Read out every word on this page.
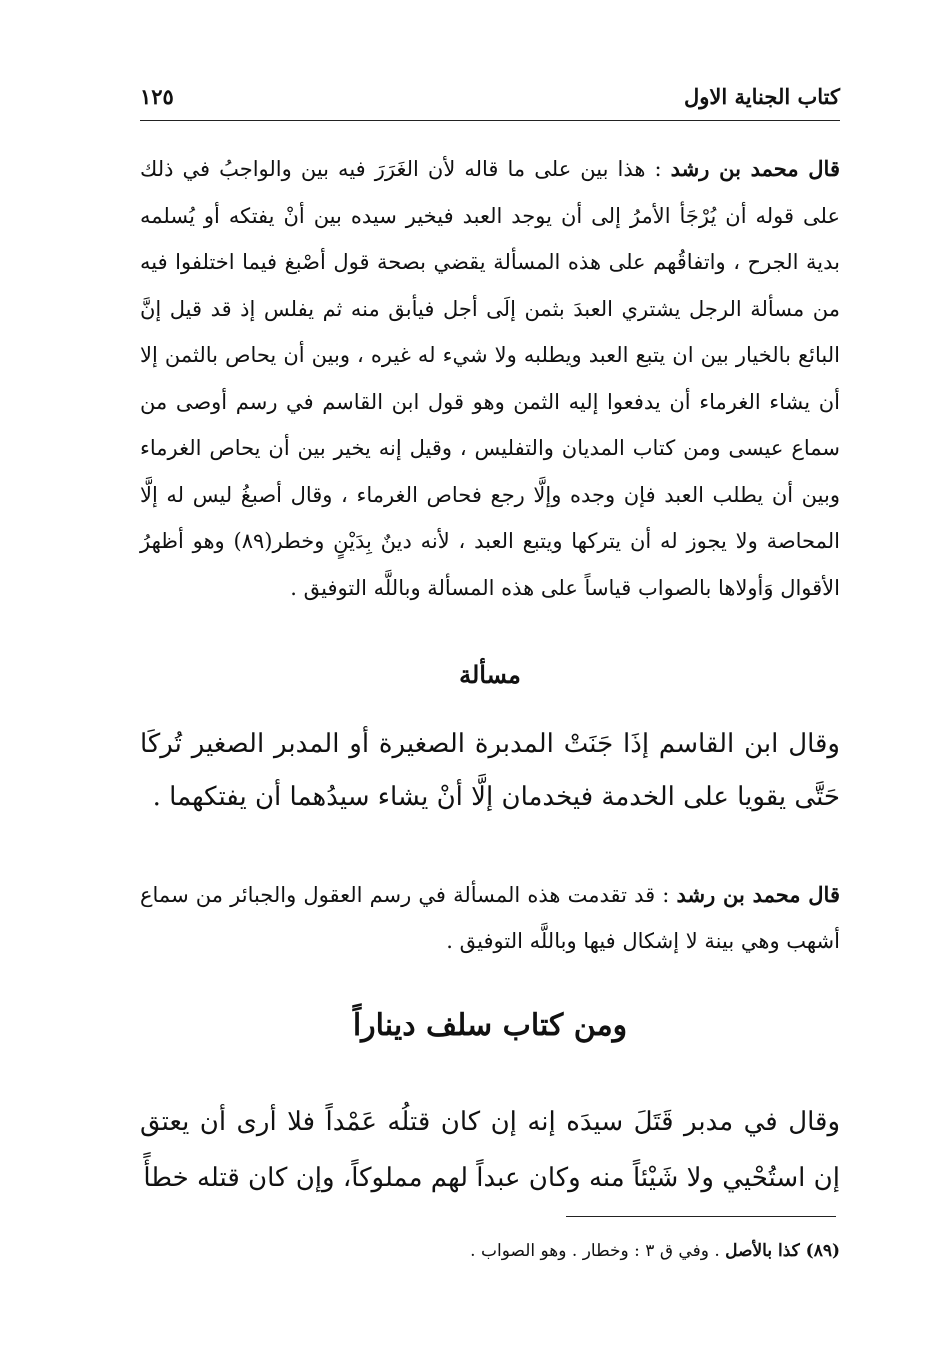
١٢٥	كتاب الجناية الاول
قال محمد بن رشد : هذا بين على ما قاله لأن الغَرَرَ فيه بين والواجبُ في ذلك على قوله أن يُرْجَأ الأمرُ إلى أن يوجد العبد فيخير سيده بين أنْ يفتكه أو يُسلمه بدية الجرح ، واتفاقُهم على هذه المسألة يقضي بصحة قول أصْبغ فيما اختلفوا فيه من مسألة الرجل يشتري العبدَ بثمن إلَى أجل فيأبق منه ثم يفلس إذ قد قيل إنَّ البائع بالخيار بين ان يتبع العبد ويطلبه ولا شيء له غيره ، وبين أن يحاص بالثمن إلا أن يشاء الغرماء أن يدفعوا إليه الثمن وهو قول ابن القاسم في رسم أوصى من سماع عيسى ومن كتاب المديان والتفليس ، وقيل إنه يخير بين أن يحاص الغرماء وبين أن يطلب العبد فإن وجده وإلَّا رجع فحاص الغرماء ، وقال أصبغُ ليس له إلَّا المحاصة ولا يجوز له أن يتركها ويتبع العبد ، لأنه دينٌ بِدَيْنٍ وخطر(٨٩) وهو أظهرُ الأقوال وَأولاها بالصواب قياساً على هذه المسألة وباللَّه التوفيق .
مسألة
وقال ابن القاسم إذَا جَنَتْ المدبرة الصغيرة أو المدبر الصغير تُركَا حَتَّى يقويا على الخدمة فيخدمان إلَّا أنْ يشاء سيدُهما أن يفتكهما .
قال محمد بن رشد : قد تقدمت هذه المسألة في رسم العقول والجبائر من سماع أشهب وهي بينة لا إشكال فيها وباللَّه التوفيق .
ومن كتاب سلف ديناراً
وقال في مدبر قَتَلَ سيدَه إنه إن كان قتلُه عَمْداً فلا أرى أن يعتق إن استُحْيي ولا شَيْئاً منه وكان عبداً لهم مملوكاً، وإن كان قتله خطأً
(٨٩) كذا بالأصل . وفي ق ٣ : وخطار . وهو الصواب .
